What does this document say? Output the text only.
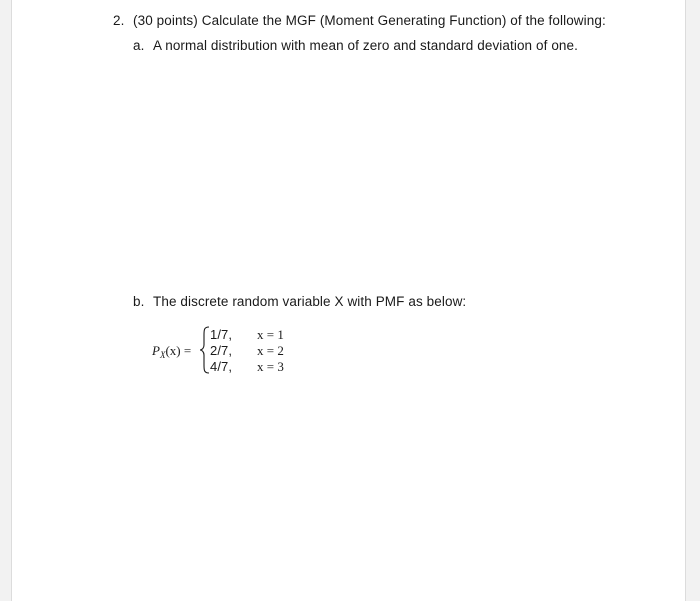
2. (30 points) Calculate the MGF (Moment Generating Function) of the following:
a. A normal distribution with mean of zero and standard deviation of one.
b. The discrete random variable X with PMF as below:
$P_X(x)$ =
1/7, x = 1
2/7, x = 2
4/7, x = 3
